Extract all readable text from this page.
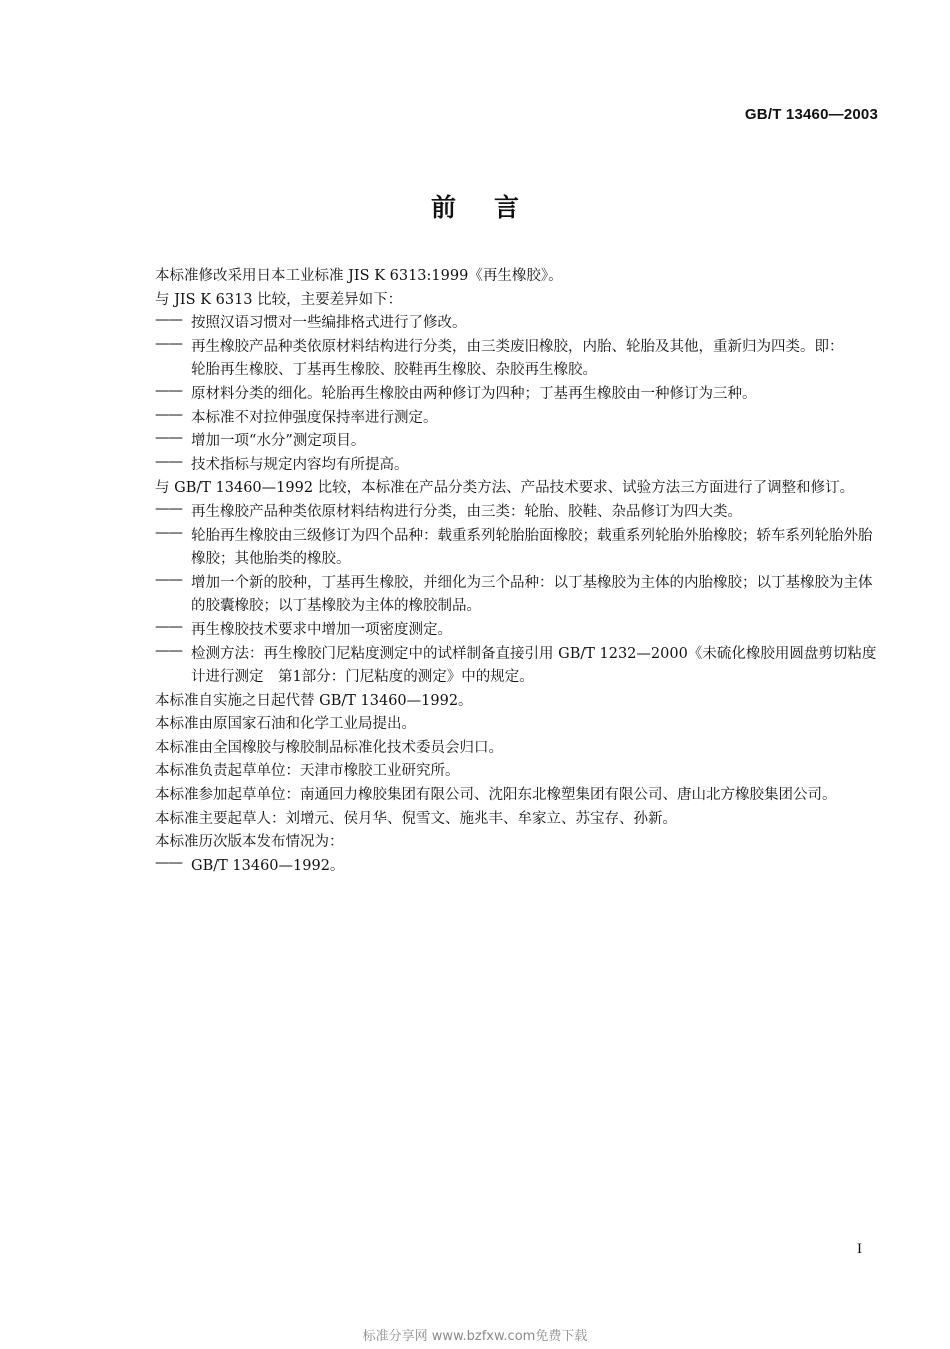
GB/T 13460—2003
前言
本标准修改采用日本工业标准 JIS K 6313:1999《再生橡胶》。
与 JIS K 6313 比较，主要差异如下：
—— 按照汉语习惯对一些编排格式进行了修改。
—— 再生橡胶产品种类依原材料结构进行分类，由三类废旧橡胶，内胎、轮胎及其他，重新归为四类。即：
轮胎再生橡胶、丁基再生橡胶、胶鞋再生橡胶、杂胶再生橡胶。
—— 原材料分类的细化。轮胎再生橡胶由两种修订为四种；丁基再生橡胶由一种修订为三种。
—— 本标准不对拉伸强度保持率进行测定。
—— 增加一项“水分”测定项目。
—— 技术指标与规定内容均有所提高。
与 GB/T 13460—1992 比较，本标准在产品分类方法、产品技术要求、试验方法三方面进行了调整和修订。
—— 再生橡胶产品种类依原材料结构进行分类，由三类：轮胎、胶鞋、杂品修订为四大类。
—— 轮胎再生橡胶由三级修订为四个品种：载重系列轮胎胎面橡胶；载重系列轮胎外胎橡胶；轿车系列轮胎外胎橡胶；其他胎类的橡胶。
—— 增加一个新的胶种，丁基再生橡胶，并细化为三个品种：以丁基橡胶为主体的内胎橡胶；以丁基橡胶为主体的胶囊橡胶；以丁基橡胶为主体的橡胶制品。
—— 再生橡胶技术要求中增加一项密度测定。
—— 检测方法：再生橡胶门尼粘度测定中的试样制备直接引用 GB/T 1232—2000《未硫化橡胶用圆盘剪切粘度计进行测定　第1部分：门尼粘度的测定》中的规定。
本标准自实施之日起代替 GB/T 13460—1992。
本标准由原国家石油和化学工业局提出。
本标准由全国橡胶与橡胶制品标准化技术委员会归口。
本标准负责起草单位：天津市橡胶工业研究所。
本标准参加起草单位：南通回力橡胶集团有限公司、沈阳东北橡塑集团有限公司、唐山北方橡胶集团公司。
本标准主要起草人：刘增元、侯月华、倪雪文、施兆丰、牟家立、苏宝存、孙新。
本标准历次版本发布情况为：
—— GB/T 13460—1992。
I
标准分享网 www.bzfxw.com免费下载
